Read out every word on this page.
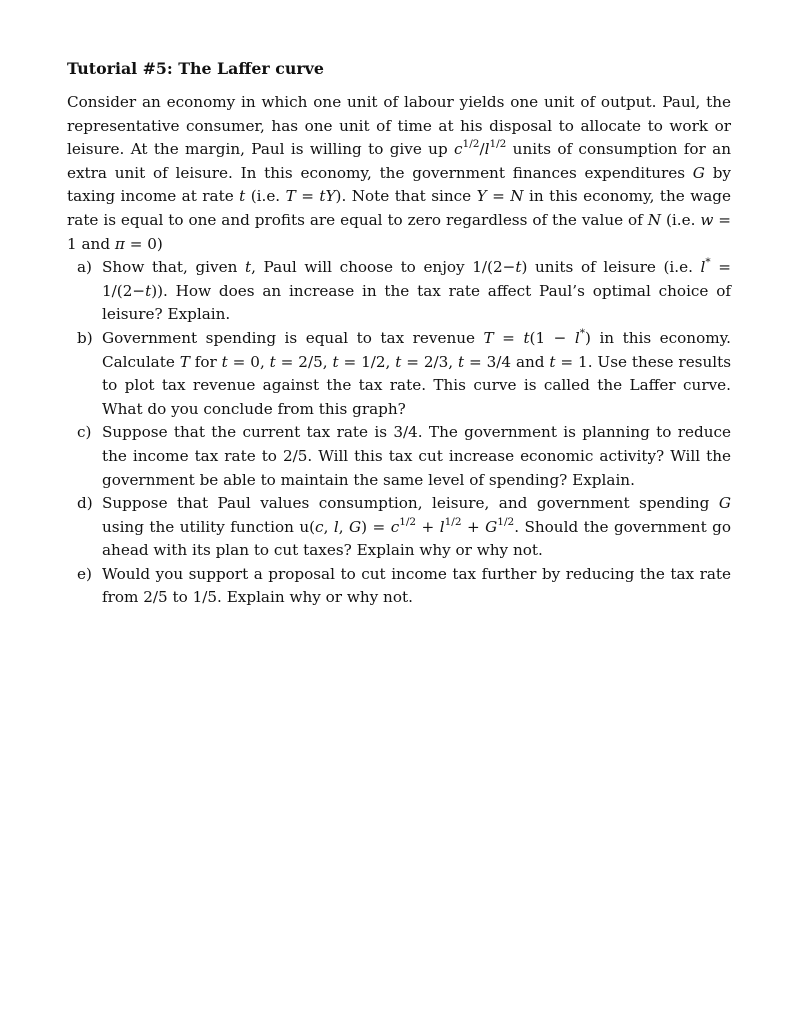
Tutorial #5: The Laffer curve

Consider an economy in which one unit of labour yields one unit of output. Paul, the representative consumer, has one unit of time at his disposal to allocate to work or leisure. At the margin, Paul is willing to give up $c^{1/2}/l^{1/2}$ units of consumption for an extra unit of leisure. In this economy, the government finances expenditures G by taxing income at rate t (i.e. T = tY). Note that since Y = N in this economy, the wage rate is equal to one and profits are equal to zero regardless of the value of N (i.e. w = 1 and π = 0)

a) Show that, given t, Paul will choose to enjoy 1/(2−t) units of leisure (i.e. l* = 1/(2−t)). How does an increase in the tax rate affect Paul’s optimal choice of leisure? Explain.
b) Government spending is equal to tax revenue T = t(1 − l*) in this economy. Calculate T for t = 0, t = 2/5, t = 1/2, t = 2/3, t = 3/4 and t = 1. Use these results to plot tax revenue against the tax rate. This curve is called the Laffer curve. What do you conclude from this graph?
c) Suppose that the current tax rate is 3/4. The government is planning to reduce the income tax rate to 2/5. Will this tax cut increase economic activity? Will the government be able to maintain the same level of spending? Explain.
d) Suppose that Paul values consumption, leisure, and government spending G using the utility function u(c, l, $G) = c^{1/2} + l^{1/2} + G^{1/2}$. Should the government go ahead with its plan to cut taxes? Explain why or why not.
e) Would you support a proposal to cut income tax further by reducing the tax rate from 2/5 to 1/5. Explain why or why not.
